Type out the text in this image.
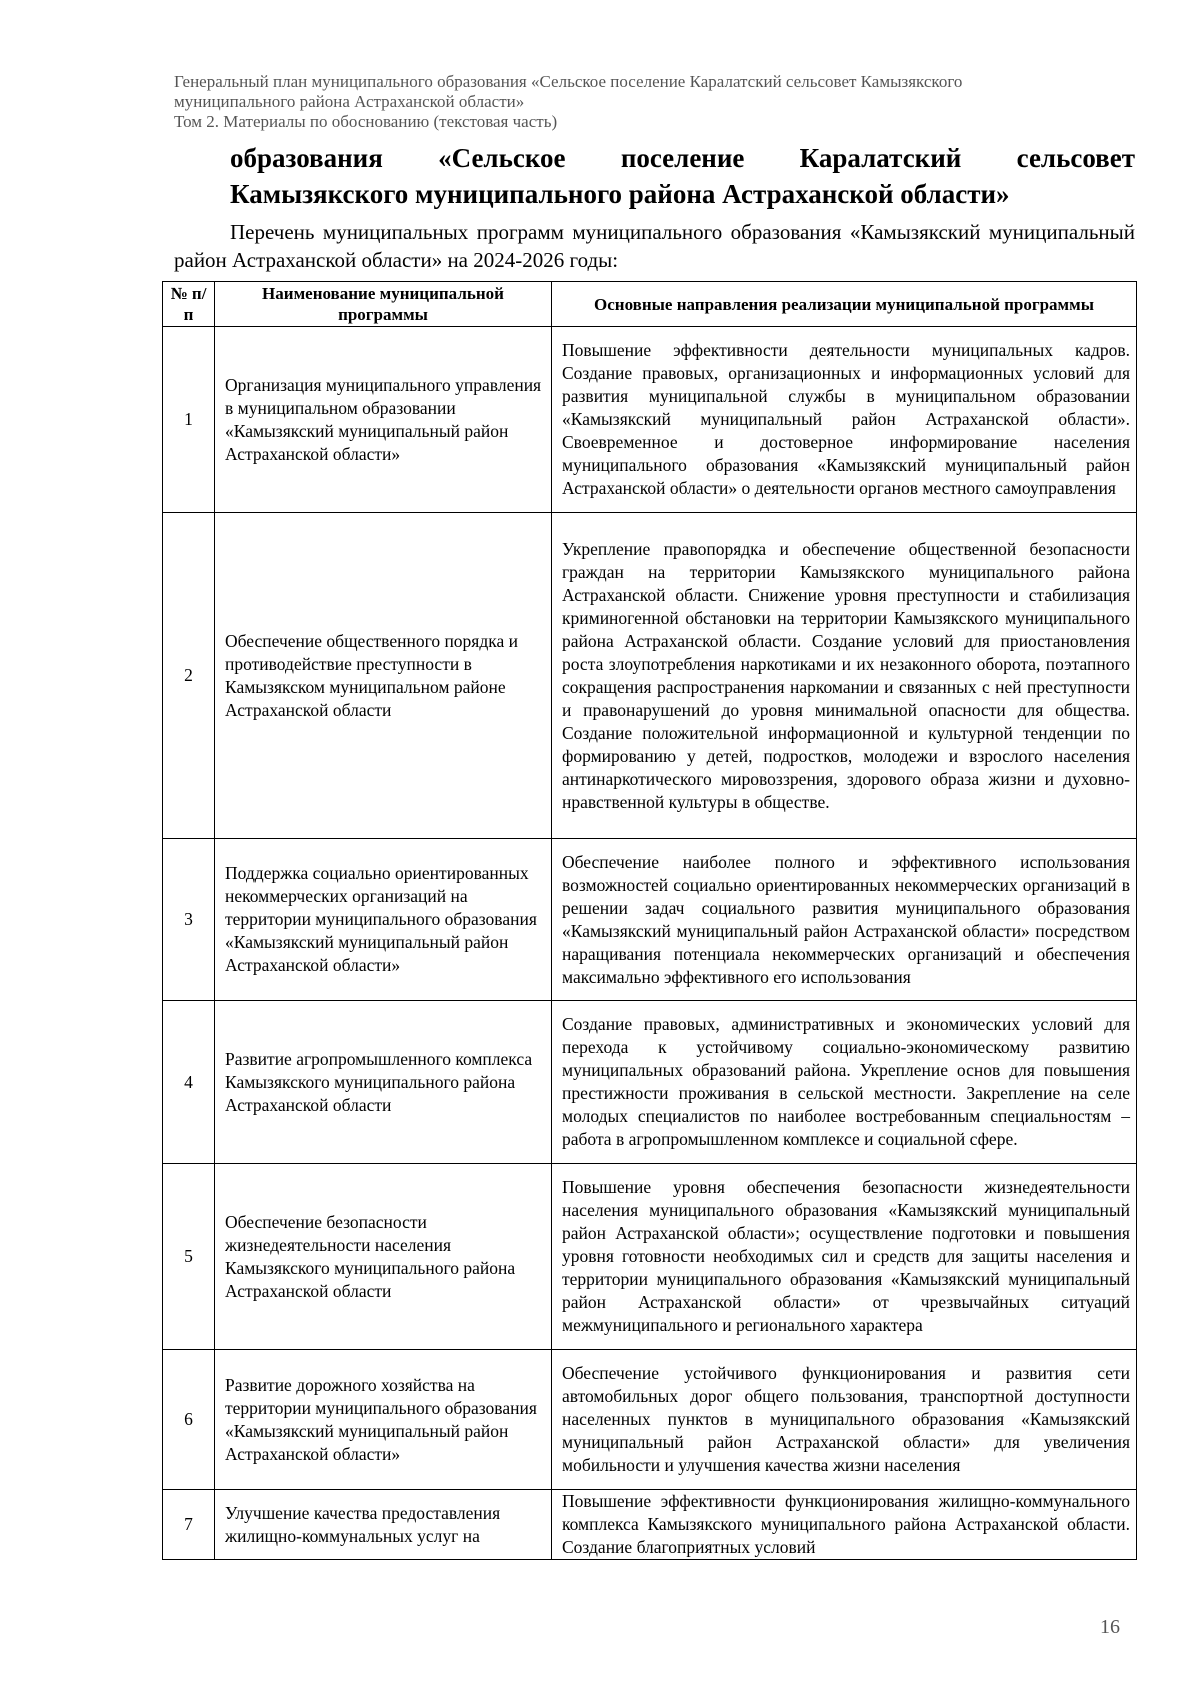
Генеральный план муниципального образования «Сельское поселение Каралатский сельсовет Камызякского
муниципального района Астраханской области»
Том 2. Материалы по обоснованию (текстовая часть)
образования «Сельское поселение Каралатский сельсовет
Камызякского муниципального района Астраханской области»
Перечень муниципальных программ муниципального образования «Камызякский муниципальный район Астраханской области» на 2024-2026 годы:
№ п/п	Наименование муниципальной программы	Основные направления реализации муниципальной программы
1	Организация муниципального управления в муниципальном образовании «Камызякский муниципальный район Астраханской области»	Повышение эффективности деятельности муниципальных кадров. Создание правовых, организационных и информационных условий для развития муниципальной службы в муниципальном образовании «Камызякский муниципальный район Астраханской области». Своевременное и достоверное информирование населения муниципального образования «Камызякский муниципальный район Астраханской области» о деятельности органов местного самоуправления
2	Обеспечение общественного порядка и противодействие преступности в Камызякском муниципальном районе Астраханской области	Укрепление правопорядка и обеспечение общественной безопасности граждан на территории Камызякского муниципального района Астраханской области. Снижение уровня преступности и стабилизация криминогенной обстановки на территории Камызякского муниципального района Астраханской области. Создание условий для приостановления роста злоупотребления наркотиками и их незаконного оборота, поэтапного сокращения распространения наркомании и связанных с ней преступности и правонарушений до уровня минимальной опасности для общества. Создание положительной информационной и культурной тенденции по формированию у детей, подростков, молодежи и взрослого населения антинаркотического мировоззрения, здорового образа жизни и духовно-нравственной культуры в обществе.
3	Поддержка социально ориентированных некоммерческих организаций на территории муниципального образования «Камызякский муниципальный район Астраханской области»	Обеспечение наиболее полного и эффективного использования возможностей социально ориентированных некоммерческих организаций в решении задач социального развития муниципального образования «Камызякский муниципальный район Астраханской области» посредством наращивания потенциала некоммерческих организаций и обеспечения максимально эффективного его использования
4	Развитие агропромышленного комплекса Камызякского муниципального района Астраханской области	Создание правовых, административных и экономических условий для перехода к устойчивому социально-экономическому развитию муниципальных образований района. Укрепление основ для повышения престижности проживания в сельской местности. Закрепление на селе молодых специалистов по наиболее востребованным специальностям – работа в агропромышленном комплексе и социальной сфере.
5	Обеспечение безопасности жизнедеятельности населения Камызякского муниципального района Астраханской области	Повышение уровня обеспечения безопасности жизнедеятельности населения муниципального образования «Камызякский муниципальный район Астраханской области»; осуществление подготовки и повышения уровня готовности необходимых сил и средств для защиты населения и территории муниципального образования «Камызякский муниципальный район Астраханской области» от чрезвычайных ситуаций межмуниципального и регионального характера
6	Развитие дорожного хозяйства на территории муниципального образования «Камызякский муниципальный район Астраханской области»	Обеспечение устойчивого функционирования и развития сети автомобильных дорог общего пользования, транспортной доступности населенных пунктов в муниципального образования «Камызякский муниципальный район Астраханской области» для увеличения мобильности и улучшения качества жизни населения
7	Улучшение качества предоставления жилищно-коммунальных услуг на	Повышение эффективности функционирования жилищно-коммунального комплекса Камызякского муниципального района Астраханской области. Создание благоприятных условий
16
